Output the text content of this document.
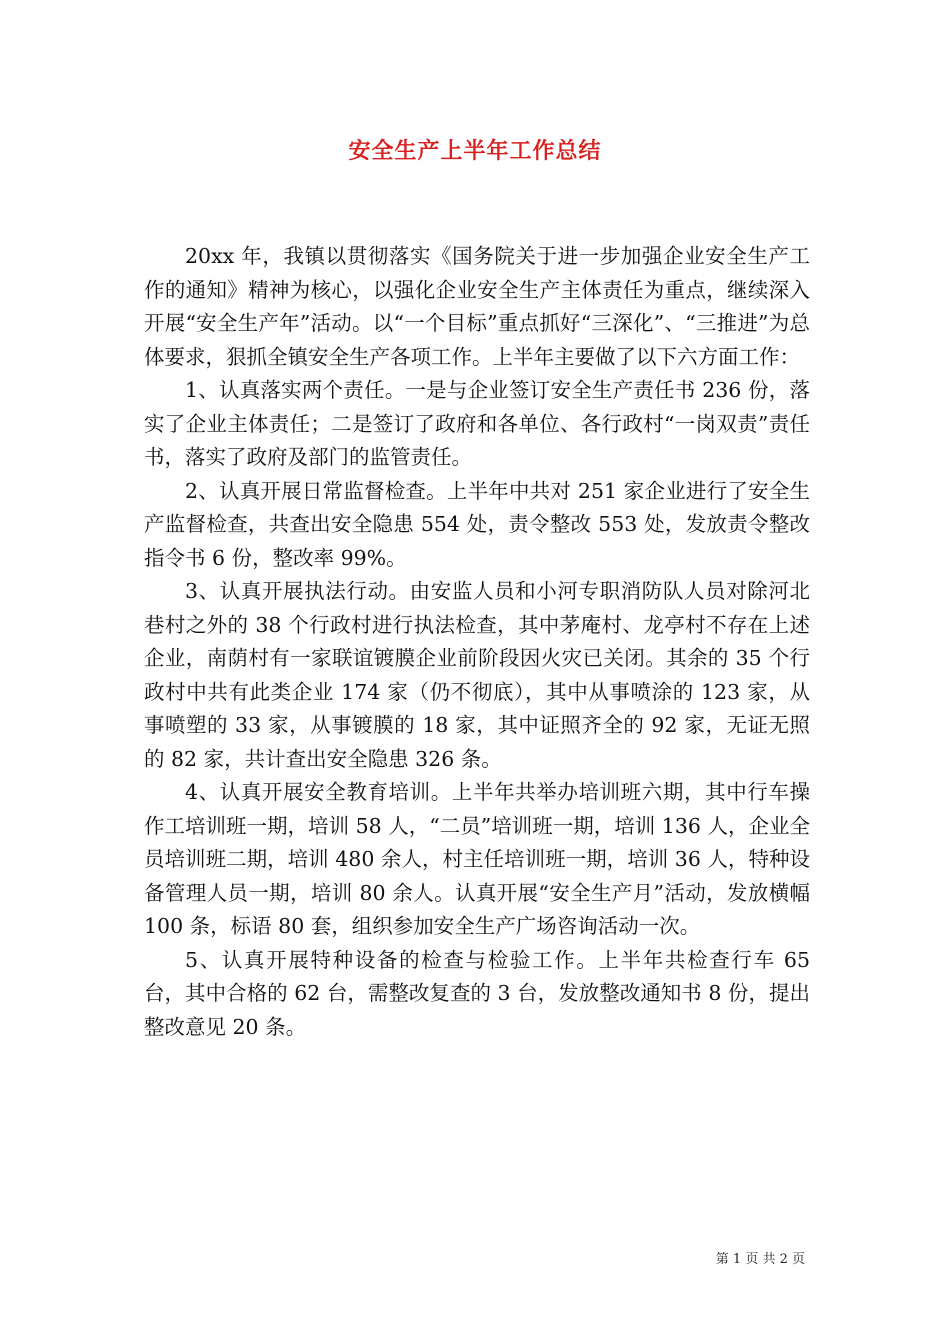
安全生产上半年工作总结

20xx 年，我镇以贯彻落实《国务院关于进一步加强企业安全生产工作的通知》精神为核心，以强化企业安全生产主体责任为重点，继续深入开展“安全生产年”活动。以“一个目标”重点抓好“三深化”、“三推进”为总体要求，狠抓全镇安全生产各项工作。上半年主要做了以下六方面工作：

1、认真落实两个责任。一是与企业签订安全生产责任书 236 份，落实了企业主体责任；二是签订了政府和各单位、各行政村“一岗双责”责任书，落实了政府及部门的监管责任。

2、认真开展日常监督检查。上半年中共对 251 家企业进行了安全生产监督检查，共查出安全隐患 554 处，责令整改 553 处，发放责令整改指令书 6 份，整改率 99%。

3、认真开展执法行动。由安监人员和小河专职消防队人员对除河北巷村之外的 38 个行政村进行执法检查，其中茅庵村、龙亭村不存在上述企业，南荫村有一家联谊镀膜企业前阶段因火灾已关闭。其余的 35 个行政村中共有此类企业 174 家（仍不彻底），其中从事喷涂的 123 家，从事喷塑的 33 家，从事镀膜的 18 家，其中证照齐全的 92 家，无证无照的 82 家，共计查出安全隐患 326 条。

4、认真开展安全教育培训。上半年共举办培训班六期，其中行车操作工培训班一期，培训 58 人，“二员”培训班一期，培训 136 人，企业全员培训班二期，培训 480 余人，村主任培训班一期，培训 36 人，特种设备管理人员一期，培训 80 余人。认真开展“安全生产月”活动，发放横幅 100 条，标语 80 套，组织参加安全生产广场咨询活动一次。

5、认真开展特种设备的检查与检验工作。上半年共检查行车 65 台，其中合格的 62 台，需整改复查的 3 台，发放整改通知书 8 份，提出整改意见 20 条。

第 1 页 共 2 页
